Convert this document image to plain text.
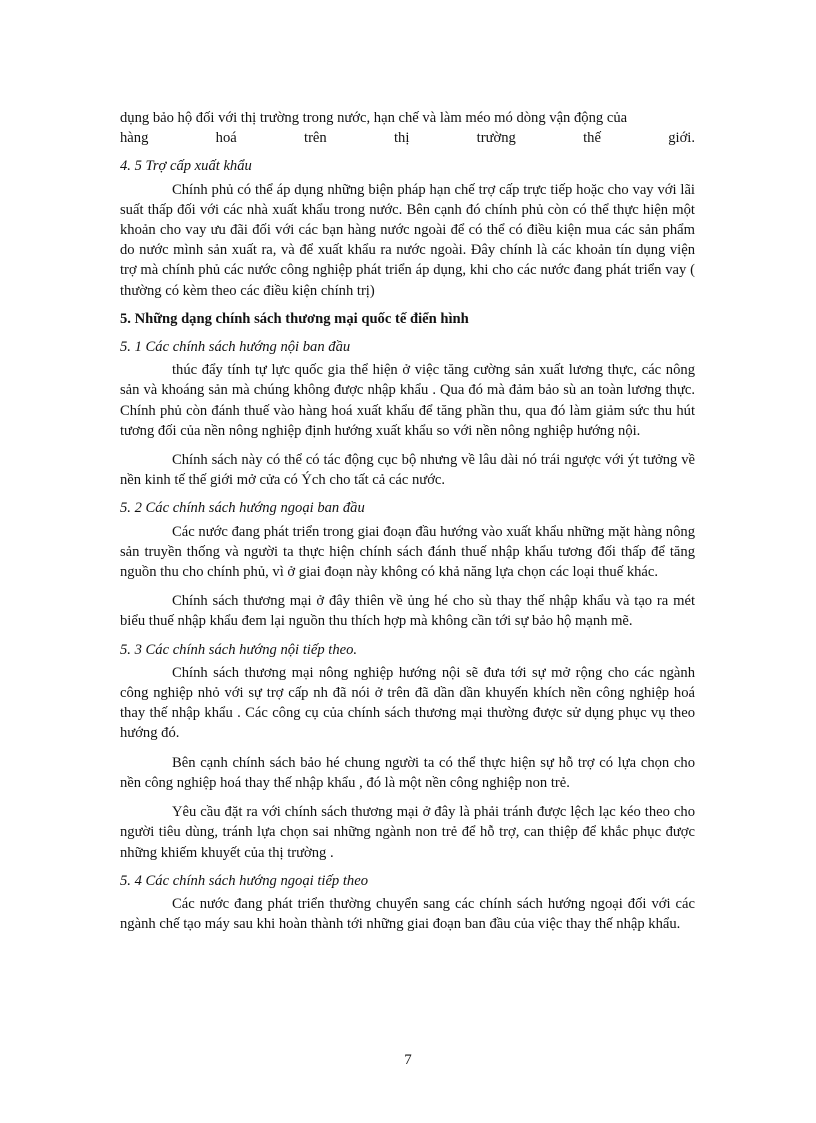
dụng bảo hộ đối với thị trường trong nước, hạn chế và làm méo mó dòng vận động của

hàng hoá trên thị trường thế giới.

4. 5 Trợ cấp xuất khẩu

Chính phủ có thể áp dụng những biện pháp hạn chế trợ cấp trực tiếp hoặc cho vay với lãi suất thấp đối với các nhà xuất khẩu trong nước. Bên cạnh đó chính phủ còn có thể thực hiện một khoản cho vay ưu đãi đối với các bạn hàng nước ngoài để có thể có điều kiện mua các sản phẩm do nước mình sản xuất ra, và để xuất khẩu ra nước ngoài. Đây chính là các khoản tín dụng viện trợ mà chính phủ các nước công nghiệp phát triển áp dụng, khi cho các nước đang phát triển vay ( thường có kèm theo các điều kiện chính trị)

5. Những dạng chính sách thương mại quốc tế điển hình

5. 1 Các chính sách hướng nội ban đầu

thúc đẩy tính tự lực quốc gia thể hiện ở việc tăng cường sản xuất lương thực, các nông sản và khoáng sản mà chúng không được nhập khẩu . Qua đó mà đảm bảo sù an toàn lương thực. Chính phủ còn đánh thuế vào hàng hoá xuất khẩu để tăng phần thu, qua đó làm giảm sức thu hút tương đối của nền nông nghiệp định hướng xuất khẩu so với nền nông nghiệp hướng nội.

Chính sách này có thể có tác động cục bộ nhưng về lâu dài nó trái ngược với ýt tưởng về nền kinh tế thế giới mở cửa có Ých cho tất cả các nước.

5. 2 Các chính sách hướng ngoại ban đầu

Các nước đang phát triển trong giai đoạn đầu hướng vào xuất khẩu những mặt hàng nông sản truyền thống và người ta thực hiện chính sách đánh thuế nhập khẩu tương đối thấp để tăng nguồn thu cho chính phủ, vì ở giai đoạn này không có khả năng lựa chọn các loại thuế khác.

Chính sách thương mại ở đây thiên về ủng hé cho sù thay thế nhập khẩu và tạo ra mét biểu thuế nhập khẩu đem lại nguồn thu thích hợp mà không cần tới sự bảo hộ mạnh mẽ.

5. 3 Các chính sách hướng nội tiếp theo.

Chính sách thương mại nông nghiệp hướng nội sẽ đưa tới sự mở rộng cho các ngành công nghiệp nhỏ với sự trợ cấp nh đã nói ở trên đã dần dần khuyến khích nền công nghiệp hoá thay thế nhập khẩu . Các công cụ của chính sách thương mại thường được sử dụng phục vụ theo hướng đó.

Bên cạnh chính sách bảo hé chung người ta có thể thực hiện sự hỗ trợ có lựa chọn cho nền công nghiệp hoá thay thế nhập khẩu , đó là một nền công nghiệp non trẻ.

Yêu cầu đặt ra với chính sách thương mại ở đây là phải tránh được lệch lạc kéo theo cho người tiêu dùng, tránh lựa chọn sai những ngành non trẻ để hỗ trợ, can thiệp để khắc phục được những khiếm khuyết của thị trường .

5. 4 Các chính sách hướng ngoại tiếp theo

Các nước đang phát triển thường chuyển sang các chính sách hướng ngoại đối với các ngành chế tạo máy sau khi hoàn thành tới những giai đoạn ban đầu của việc thay thế nhập khẩu.

7
